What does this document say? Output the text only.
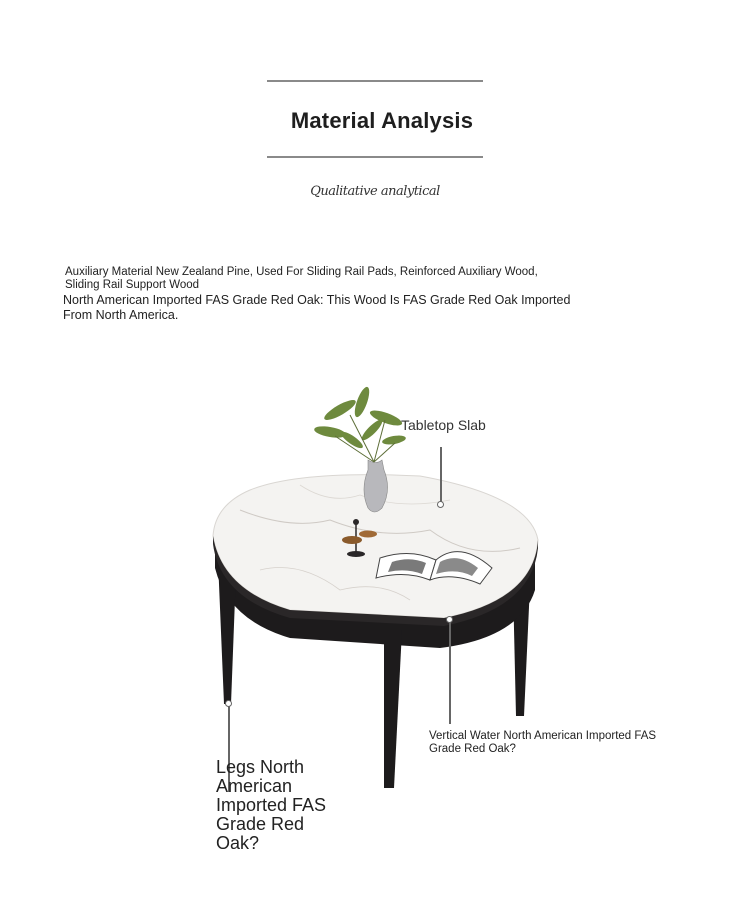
Material Analysis
Qualitative analytical
Auxiliary Material New Zealand Pine, Used For Sliding Rail Pads, Reinforced Auxiliary Wood, Sliding Rail Support Wood
North American Imported FAS Grade Red Oak: This Wood Is FAS Grade Red Oak Imported From North America.
Tabletop Slab
Vertical Water North American Imported FAS Grade Red Oak?
Legs North American Imported FAS Grade Red Oak?
